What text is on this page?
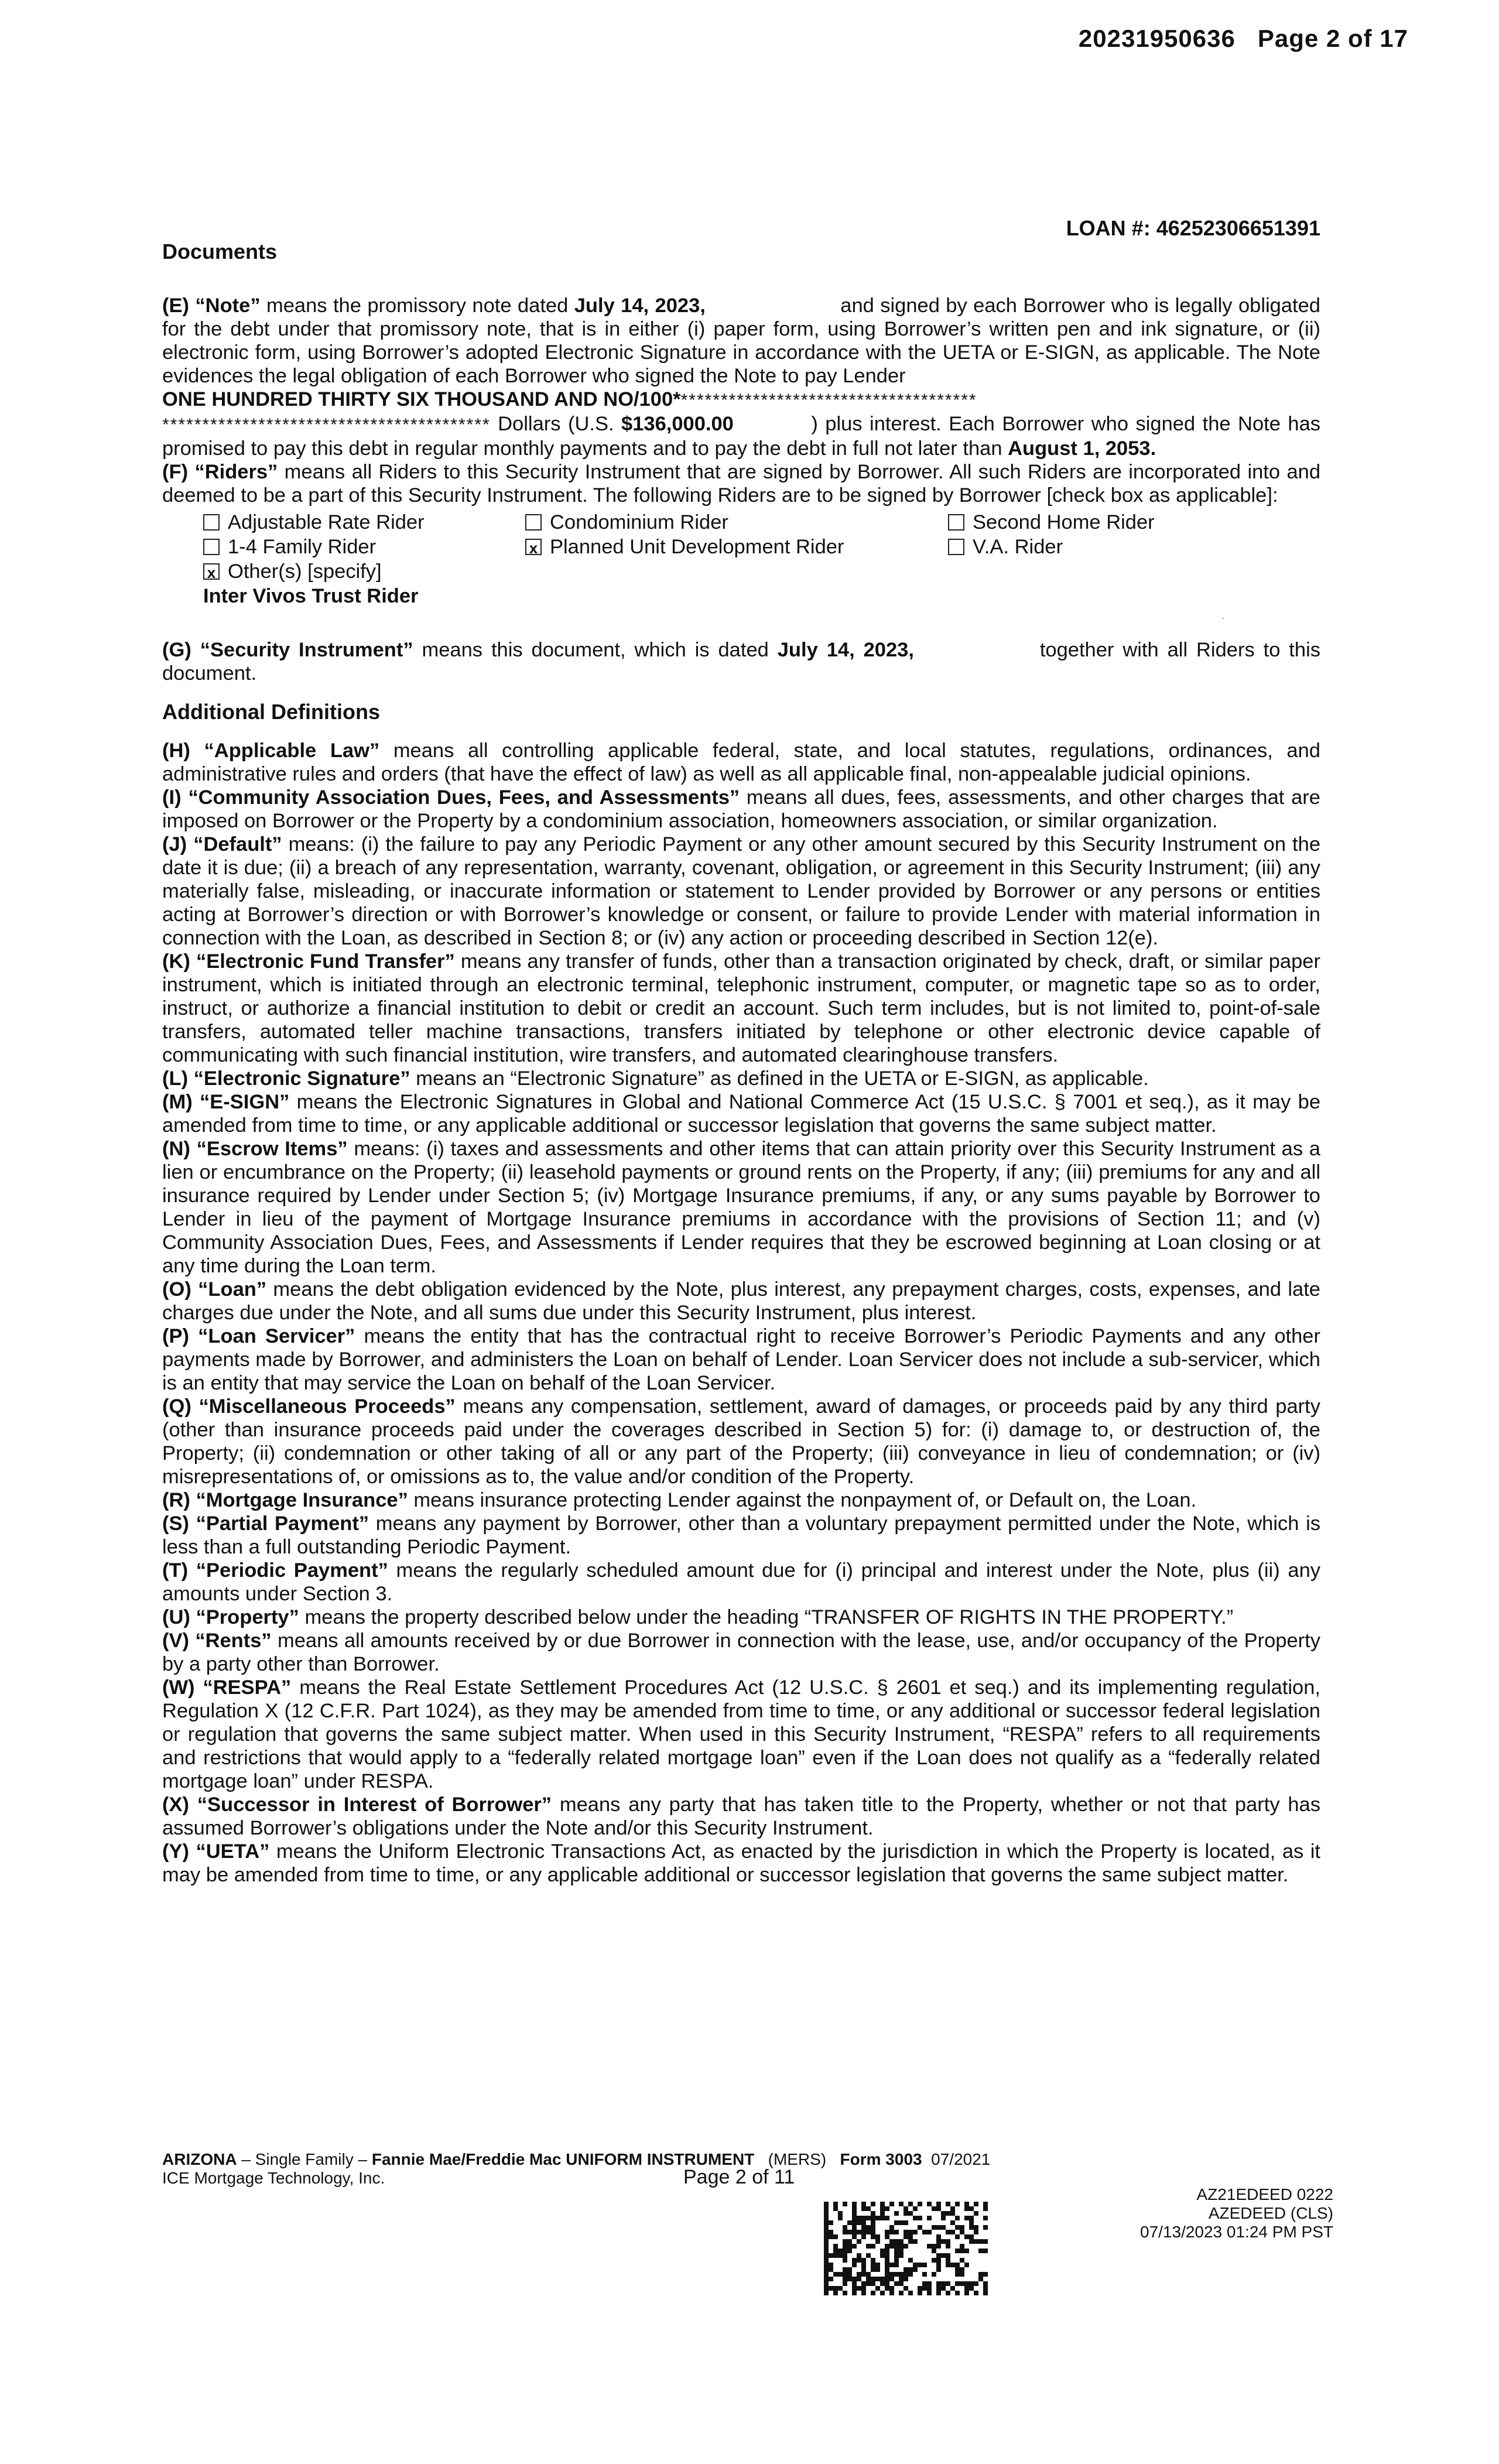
20231950636 Page 2 of 17
Documents
LOAN #: 46252306651391

(E) “Note” means the promissory note dated July 14, 2023,	and signed by each Borrower who is legally obligated for the debt under that promissory note, that is in either (i) paper form, using Borrower’s written pen and ink signature, or (ii) electronic form, using Borrower’s adopted Electronic Signature in accordance with the UETA or E-SIGN, as applicable. The Note evidences the legal obligation of each Borrower who signed the Note to pay Lender
ONE HUNDRED THIRTY SIX THOUSAND AND NO/100**************************************
***************************************** Dollars (U.S. $136,000.00	) plus interest. Each Borrower who signed the Note has promised to pay this debt in regular monthly payments and to pay the debt in full not later than August 1, 2053.

(F) “Riders” means all Riders to this Security Instrument that are signed by Borrower. All such Riders are incorporated into and deemed to be a part of this Security Instrument. The following Riders are to be signed by Borrower [check box as applicable]:

Adjustable Rate Rider	Condominium Rider	Second Home Rider
1-4 Family Rider	x Planned Unit Development Rider	V.A. Rider
x Other(s) [specify]
Inter Vivos Trust Rider

(G) “Security Instrument” means this document, which is dated July 14, 2023,	together with all Riders to this document.

Additional Definitions

(H) “Applicable Law” means all controlling applicable federal, state, and local statutes, regulations, ordinances, and administrative rules and orders (that have the effect of law) as well as all applicable final, non-appealable judicial opinions.

(I) “Community Association Dues, Fees, and Assessments” means all dues, fees, assessments, and other charges that are imposed on Borrower or the Property by a condominium association, homeowners association, or similar organization.

(J) “Default” means: (i) the failure to pay any Periodic Payment or any other amount secured by this Security Instrument on the date it is due; (ii) a breach of any representation, warranty, covenant, obligation, or agreement in this Security Instrument; (iii) any materially false, misleading, or inaccurate information or statement to Lender provided by Borrower or any persons or entities acting at Borrower’s direction or with Borrower’s knowledge or consent, or failure to provide Lender with material information in connection with the Loan, as described in Section 8; or (iv) any action or proceeding described in Section 12(e).

(K) “Electronic Fund Transfer” means any transfer of funds, other than a transaction originated by check, draft, or similar paper instrument, which is initiated through an electronic terminal, telephonic instrument, computer, or magnetic tape so as to order, instruct, or authorize a financial institution to debit or credit an account. Such term includes, but is not limited to, point-of-sale transfers, automated teller machine transactions, transfers initiated by telephone or other electronic device capable of communicating with such financial institution, wire transfers, and automated clearinghouse transfers.

(L) “Electronic Signature” means an “Electronic Signature” as defined in the UETA or E-SIGN, as applicable.

(M) “E-SIGN” means the Electronic Signatures in Global and National Commerce Act (15 U.S.C. § 7001 et seq.), as it may be amended from time to time, or any applicable additional or successor legislation that governs the same subject matter.

(N) “Escrow Items” means: (i) taxes and assessments and other items that can attain priority over this Security Instrument as a lien or encumbrance on the Property; (ii) leasehold payments or ground rents on the Property, if any; (iii) premiums for any and all insurance required by Lender under Section 5; (iv) Mortgage Insurance premiums, if any, or any sums payable by Borrower to Lender in lieu of the payment of Mortgage Insurance premiums in accordance with the provisions of Section 11; and (v) Community Association Dues, Fees, and Assessments if Lender requires that they be escrowed beginning at Loan closing or at any time during the Loan term.

(O) “Loan” means the debt obligation evidenced by the Note, plus interest, any prepayment charges, costs, expenses, and late charges due under the Note, and all sums due under this Security Instrument, plus interest.

(P) “Loan Servicer” means the entity that has the contractual right to receive Borrower’s Periodic Payments and any other payments made by Borrower, and administers the Loan on behalf of Lender. Loan Servicer does not include a sub-servicer, which is an entity that may service the Loan on behalf of the Loan Servicer.

(Q) “Miscellaneous Proceeds” means any compensation, settlement, award of damages, or proceeds paid by any third party (other than insurance proceeds paid under the coverages described in Section 5) for: (i) damage to, or destruction of, the Property; (ii) condemnation or other taking of all or any part of the Property; (iii) conveyance in lieu of condemnation; or (iv) misrepresentations of, or omissions as to, the value and/or condition of the Property.

(R) “Mortgage Insurance” means insurance protecting Lender against the nonpayment of, or Default on, the Loan.

(S) “Partial Payment” means any payment by Borrower, other than a voluntary prepayment permitted under the Note, which is less than a full outstanding Periodic Payment.

(T) “Periodic Payment” means the regularly scheduled amount due for (i) principal and interest under the Note, plus (ii) any amounts under Section 3.

(U) “Property” means the property described below under the heading “TRANSFER OF RIGHTS IN THE PROPERTY.”

(V) “Rents” means all amounts received by or due Borrower in connection with the lease, use, and/or occupancy of the Property by a party other than Borrower.

(W) “RESPA” means the Real Estate Settlement Procedures Act (12 U.S.C. § 2601 et seq.) and its implementing regulation, Regulation X (12 C.F.R. Part 1024), as they may be amended from time to time, or any additional or successor federal legislation or regulation that governs the same subject matter. When used in this Security Instrument, “RESPA” refers to all requirements and restrictions that would apply to a “federally related mortgage loan” even if the Loan does not qualify as a “federally related mortgage loan” under RESPA.

(X) “Successor in Interest of Borrower” means any party that has taken title to the Property, whether or not that party has assumed Borrower’s obligations under the Note and/or this Security Instrument.

(Y) “UETA” means the Uniform Electronic Transactions Act, as enacted by the jurisdiction in which the Property is located, as it may be amended from time to time, or any applicable additional or successor legislation that governs the same subject matter.

ARIZONA – Single Family – Fannie Mae/Freddie Mac UNIFORM INSTRUMENT   (MERS)   Form 3003  07/2021
ICE Mortgage Technology, Inc.	Page 2 of 11
AZ21EDEED 0222
AZEDEED (CLS)
07/13/2023 01:24 PM PST
